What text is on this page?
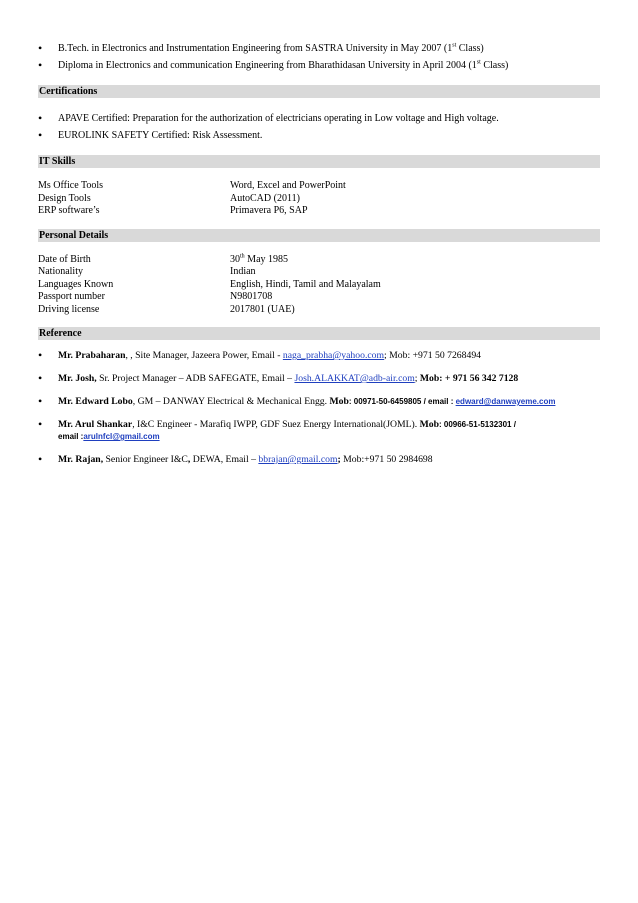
• B.Tech. in Electronics and Instrumentation Engineering from SASTRA University in May 2007 (1st Class)
• Diploma in Electronics and communication Engineering from Bharathidasan University in April 2004 (1st Class)
Certifications
• APAVE Certified: Preparation for the authorization of electricians operating in Low voltage and High voltage.
• EUROLINK SAFETY Certified: Risk Assessment.
IT Skills
Ms Office Tools	Word, Excel and PowerPoint
Design Tools	AutoCAD (2011)
ERP software’s	Primavera P6, SAP
Personal Details
Date of Birth	30th May 1985
Nationality	Indian
Languages Known	English, Hindi, Tamil and Malayalam
Passport number	N9801708
Driving license	2017801 (UAE)
Reference
• Mr. Prabaharan, , Site Manager, Jazeera Power, Email - naga_prabha@yahoo.com; Mob: +971 50 7268494
• Mr. Josh, Sr. Project Manager – ADB SAFEGATE, Email – Josh.ALAKKAT@adb-air.com; Mob: + 971 56 342 7128
• Mr. Edward Lobo, GM – DANWAY Electrical & Mechanical Engg. Mob: 00971-50-6459805 / email : edward@danwayeme.com
• Mr. Arul Shankar, I&C Engineer - Marafiq IWPP, GDF Suez Energy International(JOML). Mob: 00966-51-5132301 /
email :arulnfcl@gmail.com
• Mr. Rajan, Senior Engineer I&C, DEWA, Email – bbrajan@gmail.com; Mob:+971 50 2984698
